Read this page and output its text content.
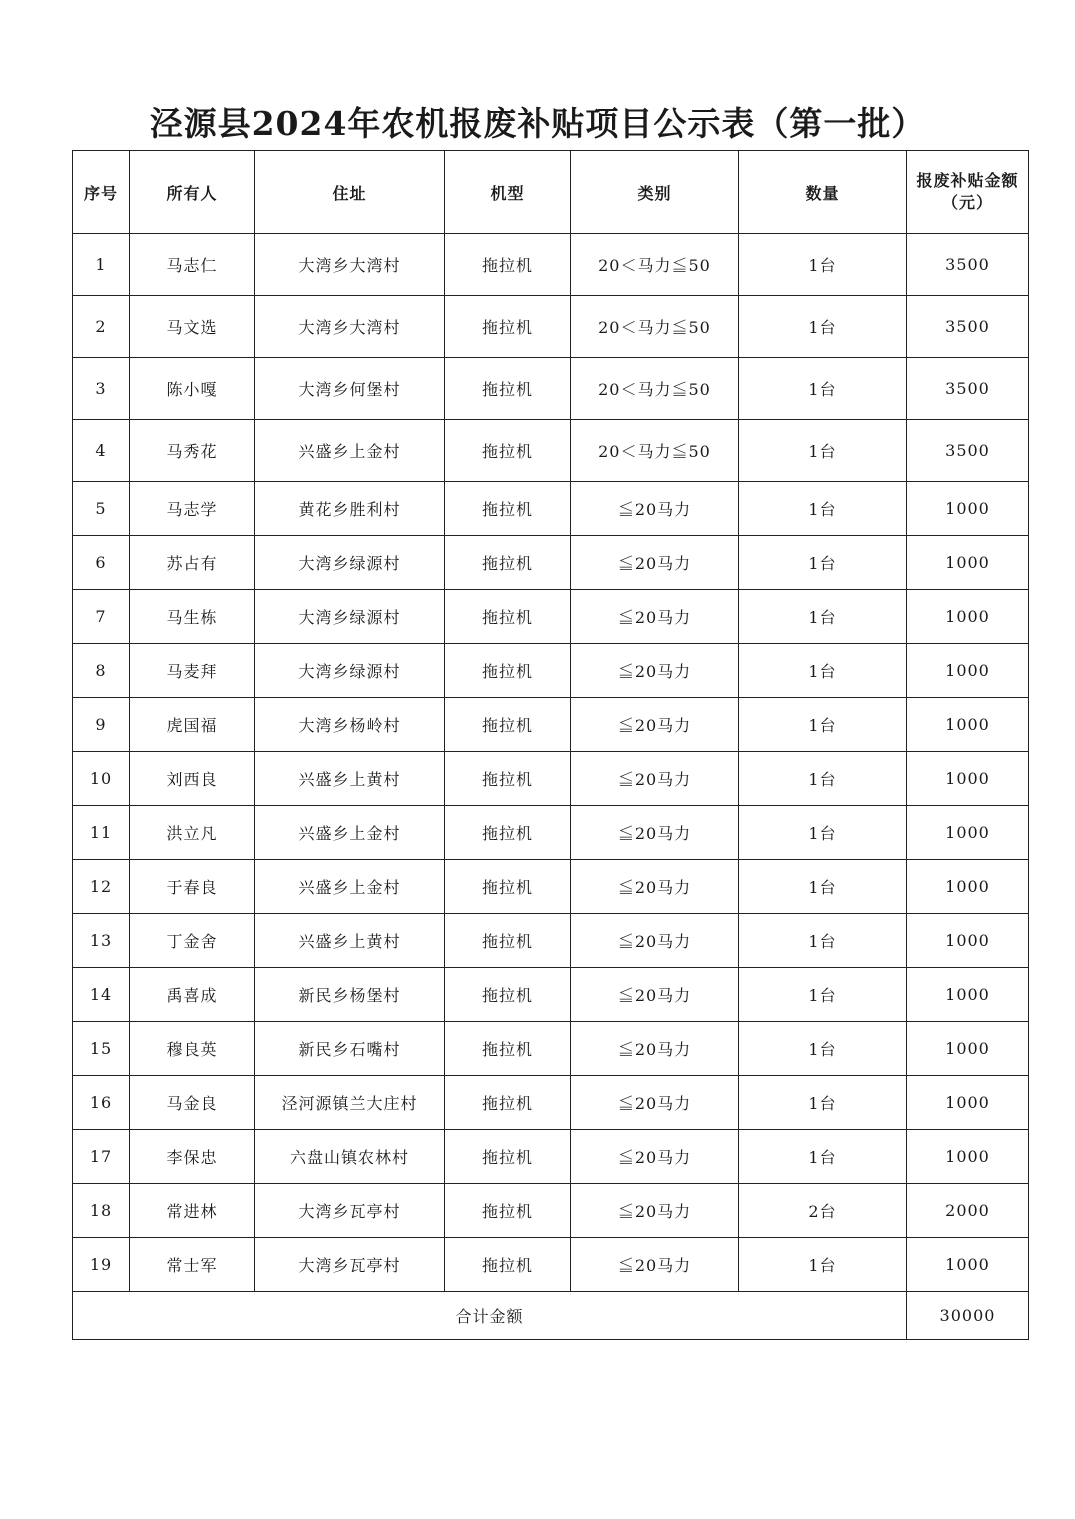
泾源县2024年农机报废补贴项目公示表（第一批）
序号	所有人	住址	机型	类别	数量	报废补贴金额
（元）
1	马志仁	大湾乡大湾村	拖拉机	20＜马力≦50	1台	3500
2	马文选	大湾乡大湾村	拖拉机	20＜马力≦50	1台	3500
3	陈小嘎	大湾乡何堡村	拖拉机	20＜马力≦50	1台	3500
4	马秀花	兴盛乡上金村	拖拉机	20＜马力≦50	1台	3500
5	马志学	黄花乡胜利村	拖拉机	≦20马力	1台	1000
6	苏占有	大湾乡绿源村	拖拉机	≦20马力	1台	1000
7	马生栋	大湾乡绿源村	拖拉机	≦20马力	1台	1000
8	马麦拜	大湾乡绿源村	拖拉机	≦20马力	1台	1000
9	虎国福	大湾乡杨岭村	拖拉机	≦20马力	1台	1000
10	刘西良	兴盛乡上黄村	拖拉机	≦20马力	1台	1000
11	洪立凡	兴盛乡上金村	拖拉机	≦20马力	1台	1000
12	于春良	兴盛乡上金村	拖拉机	≦20马力	1台	1000
13	丁金舍	兴盛乡上黄村	拖拉机	≦20马力	1台	1000
14	禹喜成	新民乡杨堡村	拖拉机	≦20马力	1台	1000
15	穆良英	新民乡石嘴村	拖拉机	≦20马力	1台	1000
16	马金良	泾河源镇兰大庄村	拖拉机	≦20马力	1台	1000
17	李保忠	六盘山镇农林村	拖拉机	≦20马力	1台	1000
18	常进林	大湾乡瓦亭村	拖拉机	≦20马力	2台	2000
19	常士军	大湾乡瓦亭村	拖拉机	≦20马力	1台	1000
合计金额						30000
